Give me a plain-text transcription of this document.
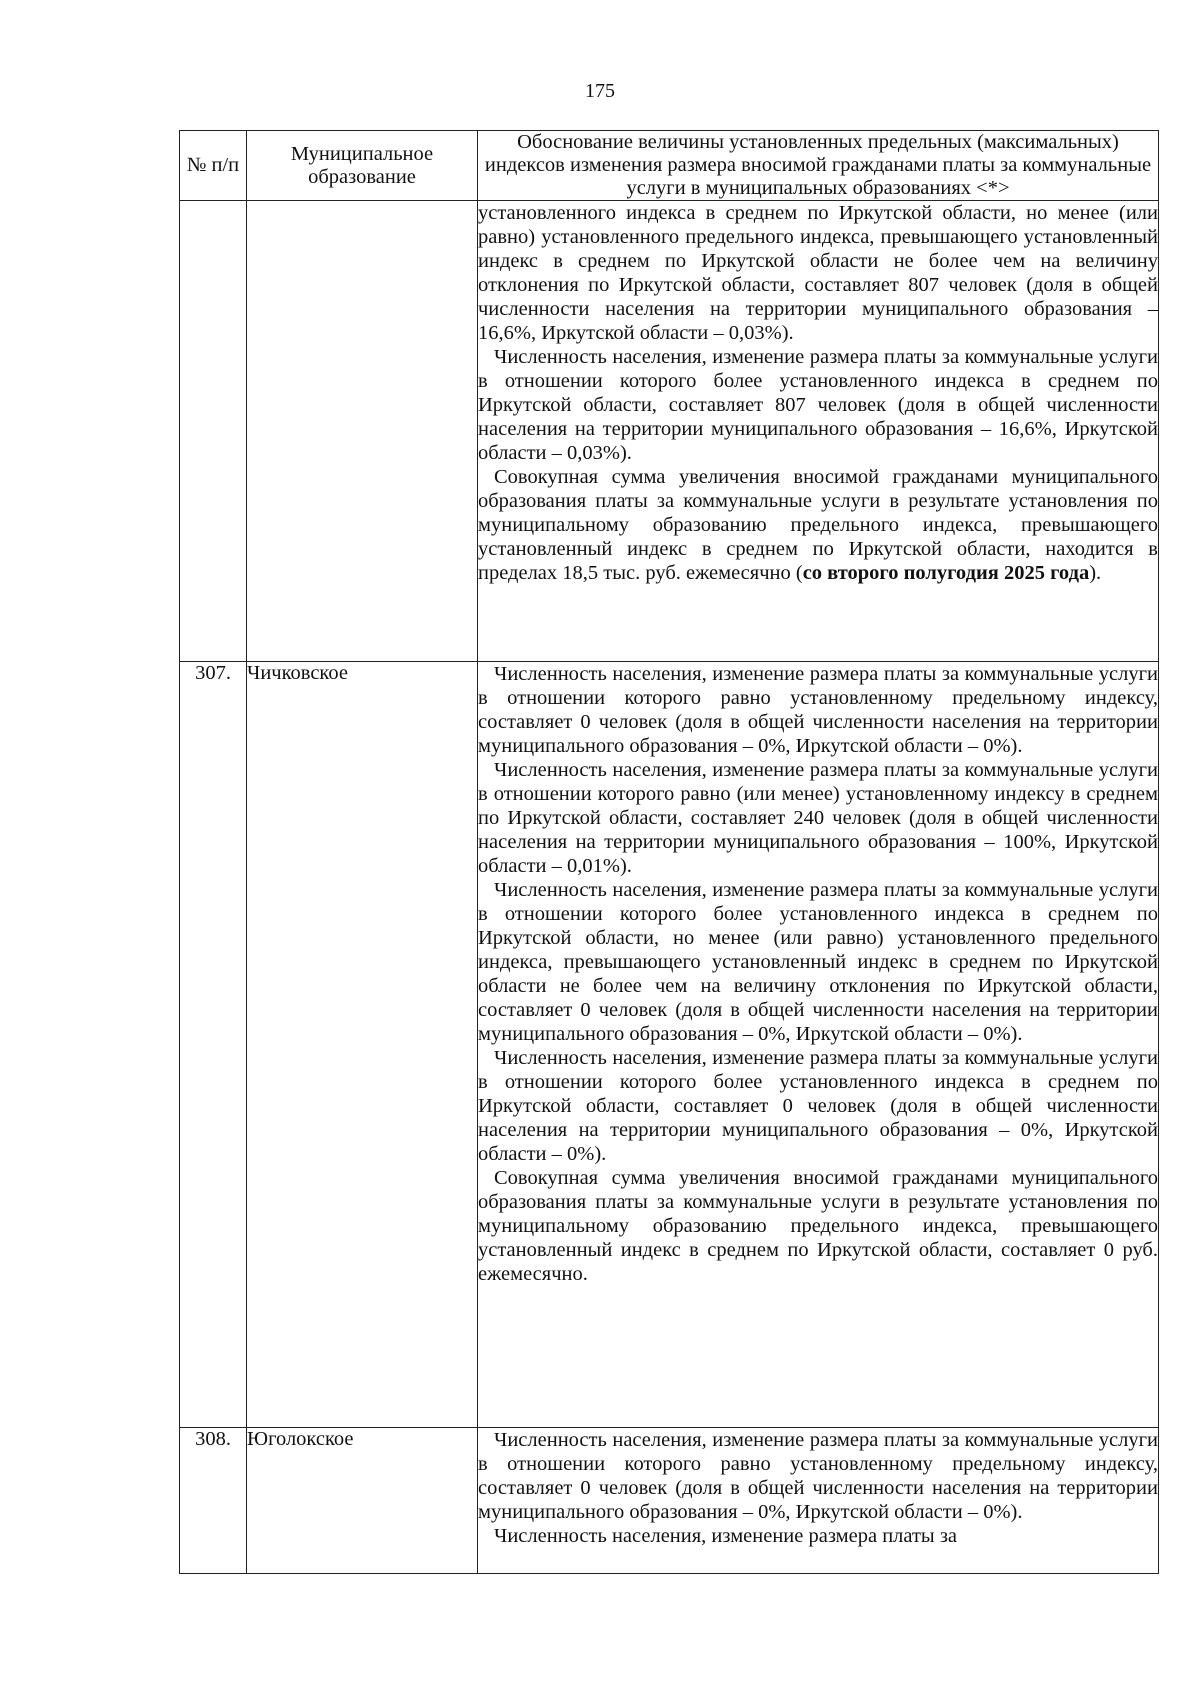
175
№ п/п	Муниципальное образование	Обоснование величины установленных предельных (максимальных) индексов изменения размера вносимой гражданами платы за коммунальные услуги в муниципальных образованиях <*>

		установленного индекса в среднем по Иркутской области, но менее (или равно) установленного предельного индекса, превышающего установленный индекс в среднем по Иркутской области не более чем на величину отклонения по Иркутской области, составляет 807 человек (доля в общей численности населения на территории муниципального образования – 16,6%, Иркутской области – 0,03%).

Численность населения, изменение размера платы за коммунальные услуги в отношении которого более установленного индекса в среднем по Иркутской области, составляет 807 человек (доля в общей численности населения на территории муниципального образования – 16,6%, Иркутской области – 0,03%).

Совокупная сумма увеличения вносимой гражданами муниципального образования платы за коммунальные услуги в результате установления по муниципальному образованию предельного индекса, превышающего установленный индекс в среднем по Иркутской области, находится в пределах 18,5 тыс. руб. ежемесячно (со второго полугодия 2025 года).

307.	Чичковское	Численность населения, изменение размера платы за коммунальные услуги в отношении которого равно установленному предельному индексу, составляет 0 человек (доля в общей численности населения на территории муниципального образования – 0%, Иркутской области – 0%).

Численность населения, изменение размера платы за коммунальные услуги в отношении которого равно (или менее) установленному индексу в среднем по Иркутской области, составляет 240 человек (доля в общей численности населения на территории муниципального образования – 100%, Иркутской области – 0,01%).

Численность населения, изменение размера платы за коммунальные услуги в отношении которого более установленного индекса в среднем по Иркутской области, но менее (или равно) установленного предельного индекса, превышающего установленный индекс в среднем по Иркутской области не более чем на величину отклонения по Иркутской области, составляет 0 человек (доля в общей численности населения на территории муниципального образования – 0%, Иркутской области – 0%).

Численность населения, изменение размера платы за коммунальные услуги в отношении которого более установленного индекса в среднем по Иркутской области, составляет 0 человек (доля в общей численности населения на территории муниципального образования – 0%, Иркутской области – 0%).

Совокупная сумма увеличения вносимой гражданами муниципального образования платы за коммунальные услуги в результате установления по муниципальному образованию предельного индекса, превышающего установленный индекс в среднем по Иркутской области, составляет 0 руб. ежемесячно.

308.	Юголокское	Численность населения, изменение размера платы за коммунальные услуги в отношении которого равно установленному предельному индексу, составляет 0 человек (доля в общей численности населения на территории муниципального образования – 0%, Иркутской области – 0%).

Численность населения, изменение размера платы за
